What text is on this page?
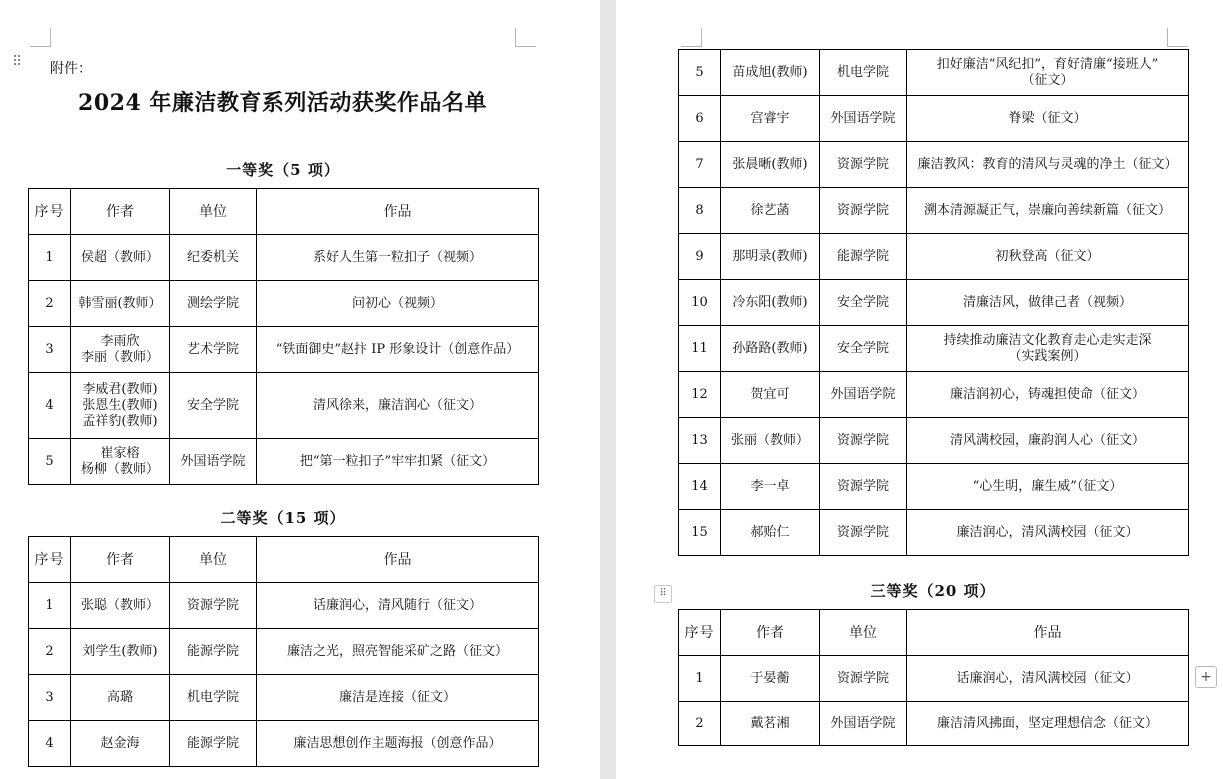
⠿ 附件：
2024 年廉洁教育系列活动获奖作品名单
一等奖（5 项）
序号	作者	单位	作品
1	侯超（教师）	纪委机关	系好人生第一粒扣子（视频）

2	韩雪丽(教师）	测绘学院	问初心（视频）

3	李雨欣
李丽（教师）	艺术学院	“铁面御史”赵抃 IP 形象设计（创意作品）

4	李威君(教师)
张恩生(教师)
孟祥豹(教师)	安全学院	清风徐来，廉洁润心（征文）

5	崔家榕
杨柳（教师）	外国语学院	把“第一粒扣子”牢牢扣紧（征文）
二等奖（15 项）
序号	作者	单位	作品
1	张聪（教师）	资源学院	话廉润心，清风随行（征文）

2	刘学生(教师)	能源学院	廉洁之光，照亮智能采矿之路（征文）

3	高璐	机电学院	廉洁是连接（征文）

4	赵金海	能源学院	廉洁思想创作主题海报（创意作品）
5	苗成旭(教师)	机电学院	扣好廉洁“风纪扣”，育好清廉“接班人”
（征文）

6	宫睿宇	外国语学院	脊梁（征文）

7	张晨晰(教师)	资源学院	廉洁教风：教育的清风与灵魂的净土（征文）

8	徐艺菡	资源学院	溯本清源凝正气，崇廉向善续新篇（征文）

9	那明录(教师)	能源学院	初秋登高（征文）

10	冷东阳(教师)	安全学院	清廉洁风，做律己者（视频）

11	孙路路(教师)	安全学院	持续推动廉洁文化教育走心走实走深
（实践案例）

12	贺宜可	外国语学院	廉洁润初心，铸魂担使命（征文）

13	张丽（教师）	资源学院	清风满校园，廉韵润人心（征文）

14	李一卓	资源学院	“心生明，廉生威”（征文）

15	郝贻仁	资源学院	廉洁润心，清风满校园（征文）
⠿	三等奖（20 项）
序号	作者	单位	作品
1	于晏蘅	资源学院	话廉润心，清风满校园（征文）

2	戴茗湘	外国语学院	廉洁清风拂面，坚定理想信念（征文）
+
